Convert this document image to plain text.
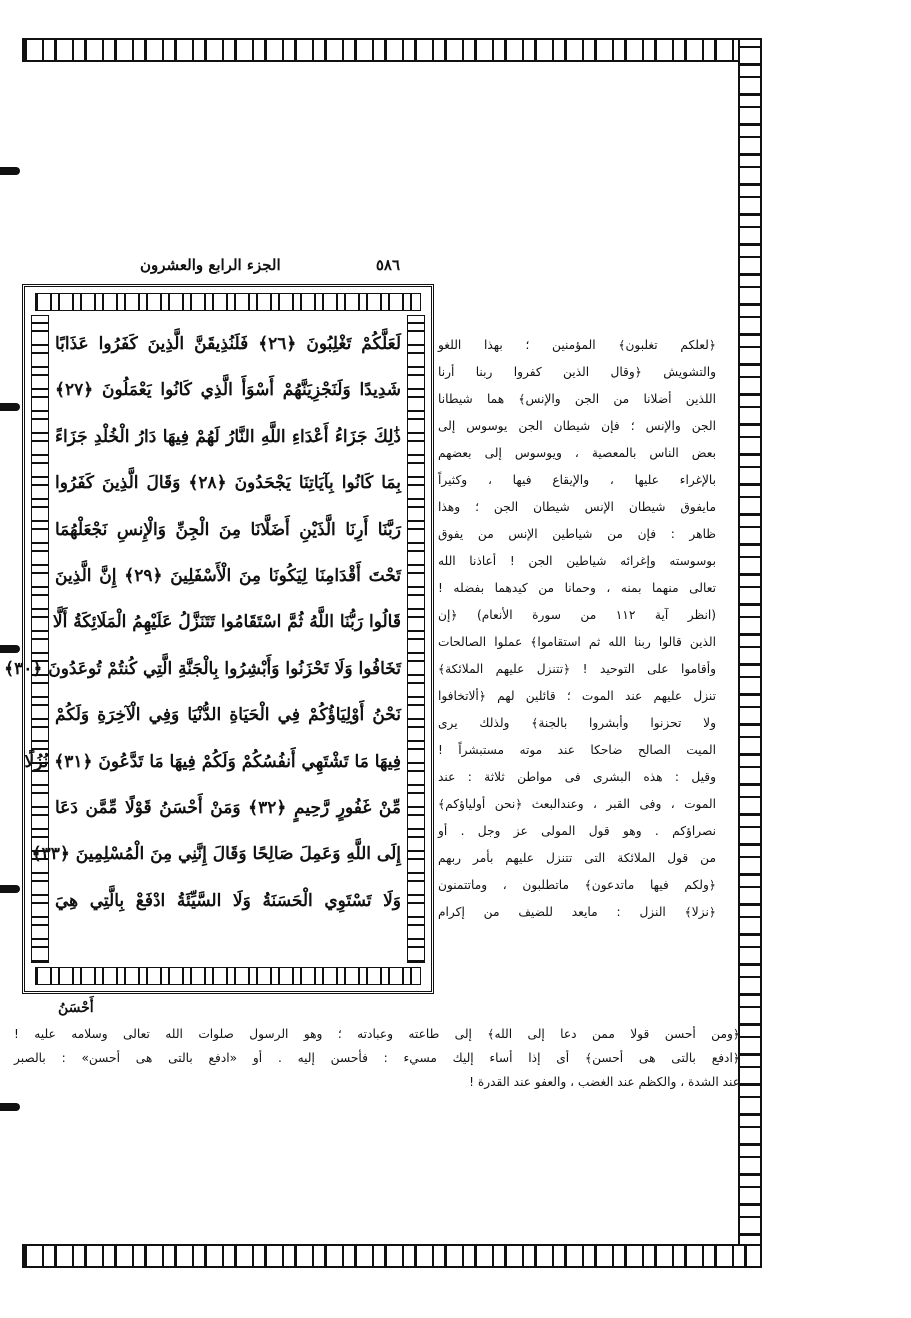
٥٨٦
الجزء الرابع والعشرون
لَعَلَّكُمْ تَغْلِبُونَ ﴿٢٦﴾ فَلَنُذِيقَنَّ الَّذِينَ كَفَرُوا عَذَابًا
شَدِيدًا وَلَنَجْزِيَنَّهُمْ أَسْوَأَ الَّذِي كَانُوا يَعْمَلُونَ ﴿٢٧﴾
ذَٰلِكَ جَزَاءُ أَعْدَاءِ اللَّهِ النَّارُ لَهُمْ فِيهَا دَارُ الْخُلْدِ جَزَاءً
بِمَا كَانُوا بِآيَاتِنَا يَجْحَدُونَ ﴿٢٨﴾ وَقَالَ الَّذِينَ كَفَرُوا
رَبَّنَا أَرِنَا الَّذَيْنِ أَضَلَّانَا مِنَ الْجِنِّ وَالْإِنسِ نَجْعَلْهُمَا
تَحْتَ أَقْدَامِنَا لِيَكُونَا مِنَ الْأَسْفَلِينَ ﴿٢٩﴾ إِنَّ الَّذِينَ
قَالُوا رَبُّنَا اللَّهُ ثُمَّ اسْتَقَامُوا تَتَنَزَّلُ عَلَيْهِمُ الْمَلَائِكَةُ أَلَّا
تَخَافُوا وَلَا تَحْزَنُوا وَأَبْشِرُوا بِالْجَنَّةِ الَّتِي كُنتُمْ تُوعَدُونَ ﴿٣٠﴾
نَحْنُ أَوْلِيَاؤُكُمْ فِي الْحَيَاةِ الدُّنْيَا وَفِي الْآخِرَةِ وَلَكُمْ
فِيهَا مَا تَشْتَهِي أَنفُسُكُمْ وَلَكُمْ فِيهَا مَا تَدَّعُونَ ﴿٣١﴾ نُزُلًا
مِّنْ غَفُورٍ رَّحِيمٍ ﴿٣٢﴾ وَمَنْ أَحْسَنُ قَوْلًا مِّمَّن دَعَا
إِلَى اللَّهِ وَعَمِلَ صَالِحًا وَقَالَ إِنَّنِي مِنَ الْمُسْلِمِينَ ﴿٣٣﴾
وَلَا تَسْتَوِي الْحَسَنَةُ وَلَا السَّيِّئَةُ ادْفَعْ بِالَّتِي هِيَ
أَحْسَنُ
﴿لعلكم تغلبون﴾ المؤمنين ؛ بهذا اللغو
والتشويش ﴿وقال الذين كفروا ربنا أرنا
اللذين أضلانا من الجن والإنس﴾ هما شيطانا
الجن والإنس ؛ فإن شيطان الجن يوسوس إلى
بعض الناس بالمعصية ، ويوسوس إلى بعضهم
بالإغراء عليها ، والإيقاع فيها ، وكثيراً
مايفوق شيطان الإنس شيطان الجن ؛ وهذا
ظاهر : فإن من شياطين الإنس من يفوق
بوسوسته وإغرائه شياطين الجن ! أعاذنا الله
تعالى منهما بمنه ، وحمانا من كيدهما بفضله !
(انظر آية ١١٢ من سورة الأنعام) ﴿إن
الذين قالوا ربنا الله ثم استقاموا﴾ عملوا الصالحات
وأقاموا على التوحيد ! ﴿تتنزل عليهم الملائكة﴾
تنزل عليهم عند الموت ؛ قائلين لهم ﴿ألاتخافوا
ولا تحزنوا وأبشروا بالجنة﴾ ولذلك يرى
الميت الصالح ضاحكا عند موته مستبشراً !
وقيل : هذه البشرى فى مواطن ثلاثة : عند
الموت ، وفى القبر ، وعندالبعث ﴿نحن أولياؤكم﴾
نصراؤكم . وهو قول المولى عز وجل . أو
من قول الملائكة التى تتنزل عليهم بأمر ربهم
﴿ولكم فيها ماتدعون﴾ ماتطلبون ، وماتتمنون
﴿نزلا﴾ النزل : مايعد للضيف من إكرام
﴿ومن أحسن قولا ممن دعا إلى الله﴾ إلى طاعته وعبادته ؛ وهو الرسول صلوات الله تعالى وسلامه عليه !
﴿ادفع بالتى هى أحسن﴾ أى إذا أساء إليك مسيء : فأحسن إليه . أو «ادفع بالتى هى أحسن» : بالصبر
عند الشدة ، والكظم عند الغضب ، والعفو عند القدرة !
